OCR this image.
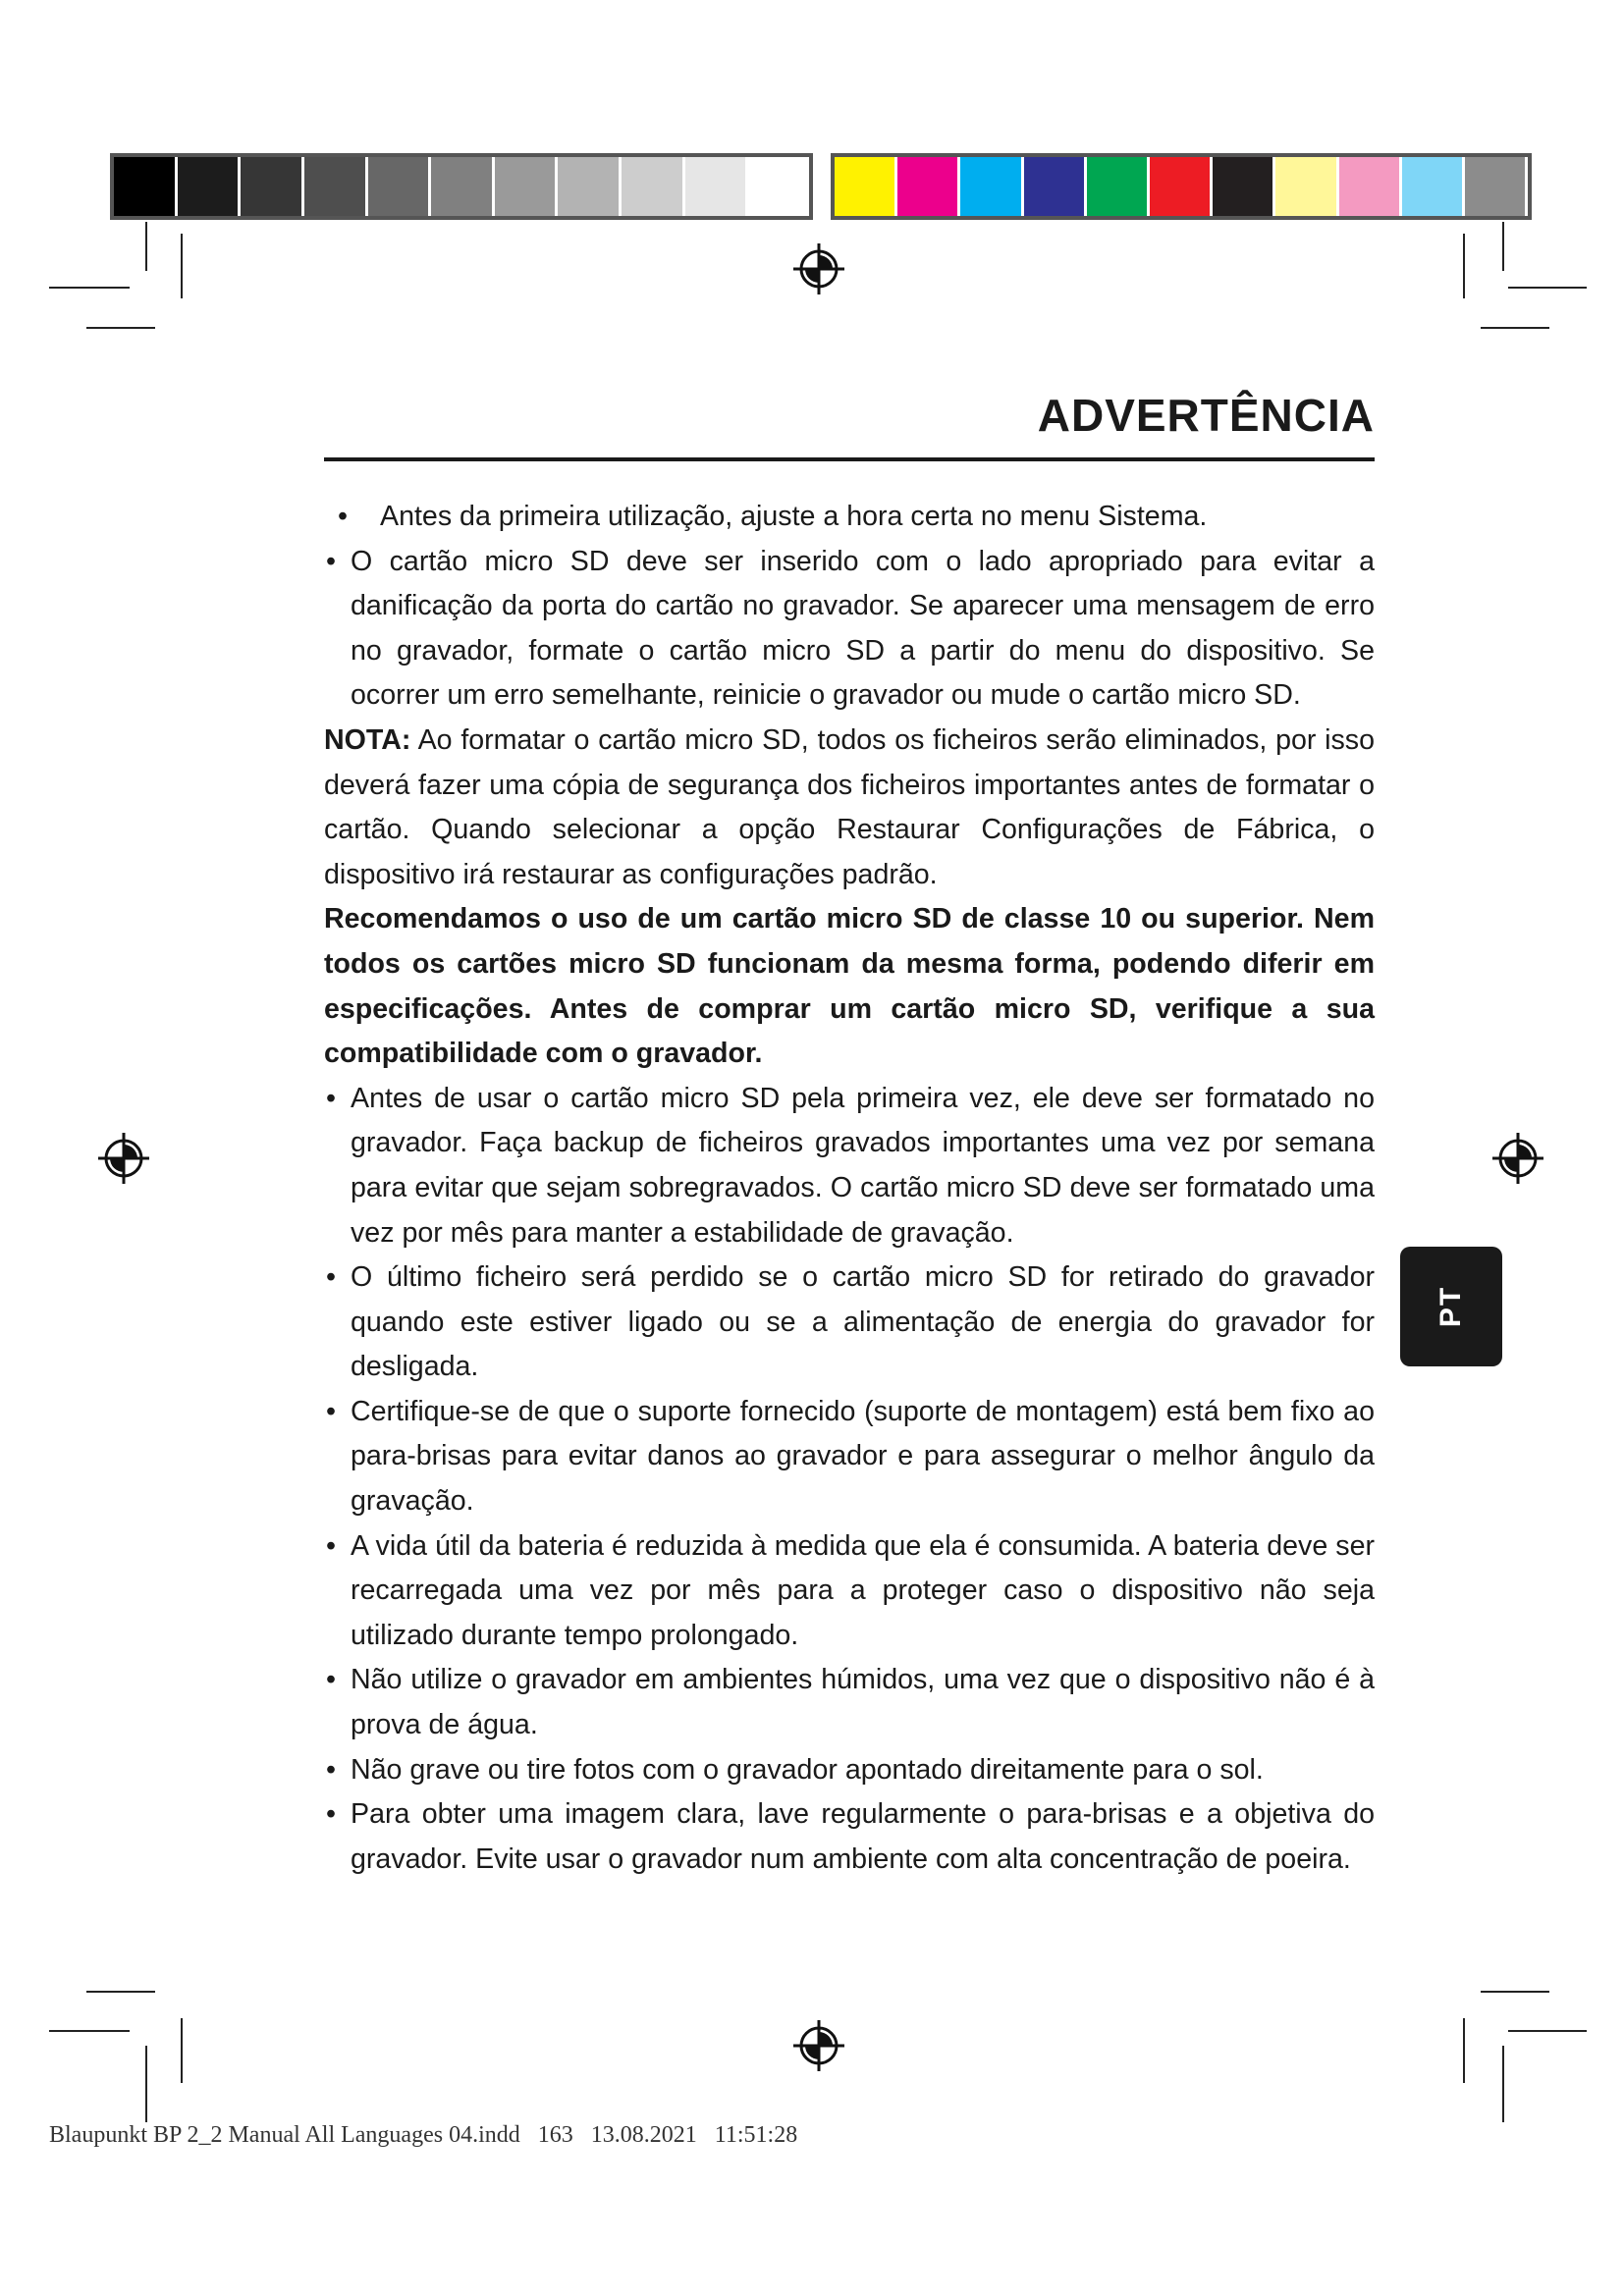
ADVERTÊNCIA
• Antes da primeira utilização, ajuste a hora certa no menu Sistema.
• O cartão micro SD deve ser inserido com o lado apropriado para evitar a danificação da porta do cartão no gravador. Se aparecer uma mensagem de erro no gravador, formate o cartão micro SD a partir do menu do dispositivo. Se ocorrer um erro semelhante, reinicie o gravador ou mude o cartão micro SD.

NOTA: Ao formatar o cartão micro SD, todos os ficheiros serão eliminados, por isso deverá fazer uma cópia de segurança dos ficheiros importantes antes de formatar o cartão. Quando selecionar a opção Restaurar Configurações de Fábrica, o dispositivo irá restaurar as configurações padrão.

Recomendamos o uso de um cartão micro SD de classe 10 ou superior. Nem todos os cartões micro SD funcionam da mesma forma, podendo diferir em especificações. Antes de comprar um cartão micro SD, verifique a sua compatibilidade com o gravador.

• Antes de usar o cartão micro SD pela primeira vez, ele deve ser formatado no gravador. Faça backup de ficheiros gravados importantes uma vez por semana para evitar que sejam sobregravados. O cartão micro SD deve ser formatado uma vez por mês para manter a estabilidade de gravação.
• O último ficheiro será perdido se o cartão micro SD for retirado do gravador quando este estiver ligado ou se a alimentação de energia do gravador for desligada.
• Certifique-se de que o suporte fornecido (suporte de montagem) está bem fixo ao para-brisas para evitar danos ao gravador e para assegurar o melhor ângulo da gravação.
• A vida útil da bateria é reduzida à medida que ela é consumida. A bateria deve ser recarregada uma vez por mês para a proteger caso o dispositivo não seja utilizado durante tempo prolongado.
• Não utilize o gravador em ambientes húmidos, uma vez que o dispositivo não é à prova de água.
• Não grave ou tire fotos com o gravador apontado direitamente para o sol.
• Para obter uma imagem clara, lave regularmente o para-brisas e a objetiva do gravador. Evite usar o gravador num ambiente com alta concentração de poeira.
PT
Blaupunkt BP 2_2 Manual All Languages 04.indd   163   13.08.2021   11:51:28
